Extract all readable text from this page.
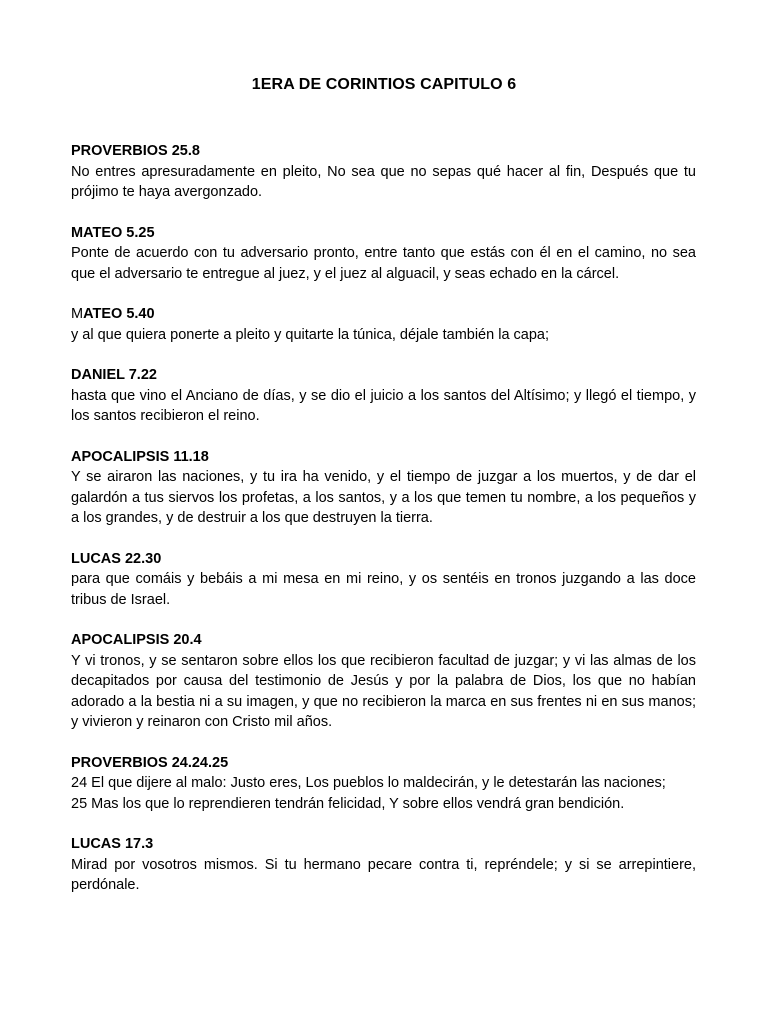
1ERA DE CORINTIOS CAPITULO 6
PROVERBIOS 25.8

No entres apresuradamente en pleito, No sea que no sepas qué hacer al fin, Después que tu prójimo te haya avergonzado.

MATEO 5.25

Ponte de acuerdo con tu adversario pronto, entre tanto que estás con él en el camino, no sea que el adversario te entregue al juez, y el juez al alguacil, y seas echado en la cárcel.

MATEO 5.40

y al que quiera ponerte a pleito y quitarte la túnica, déjale también la capa;

DANIEL 7.22

hasta que vino el Anciano de días, y se dio el juicio a los santos del Altísimo; y llegó el tiempo, y los santos recibieron el reino.

APOCALIPSIS 11.18

Y se airaron las naciones, y tu ira ha venido, y el tiempo de juzgar a los muertos, y de dar el galardón a tus siervos los profetas, a los santos, y a los que temen tu nombre, a los pequeños y a los grandes, y de destruir a los que destruyen la tierra.

LUCAS 22.30

para que comáis y bebáis a mi mesa en mi reino, y os sentéis en tronos juzgando a las doce tribus de Israel.

APOCALIPSIS 20.4

Y vi tronos, y se sentaron sobre ellos los que recibieron facultad de juzgar; y vi las almas de los decapitados por causa del testimonio de Jesús y por la palabra de Dios, los que no habían adorado a la bestia ni a su imagen, y que no recibieron la marca en sus frentes ni en sus manos; y vivieron y reinaron con Cristo mil años.

PROVERBIOS 24.24.25

24 El que dijere al malo: Justo eres, Los pueblos lo maldecirán, y le detestarán las naciones;

25 Mas los que lo reprendieren tendrán felicidad, Y sobre ellos vendrá gran bendición.

LUCAS 17.3

Mirad por vosotros mismos. Si tu hermano pecare contra ti, repréndele; y si se arrepintiere, perdónale.
